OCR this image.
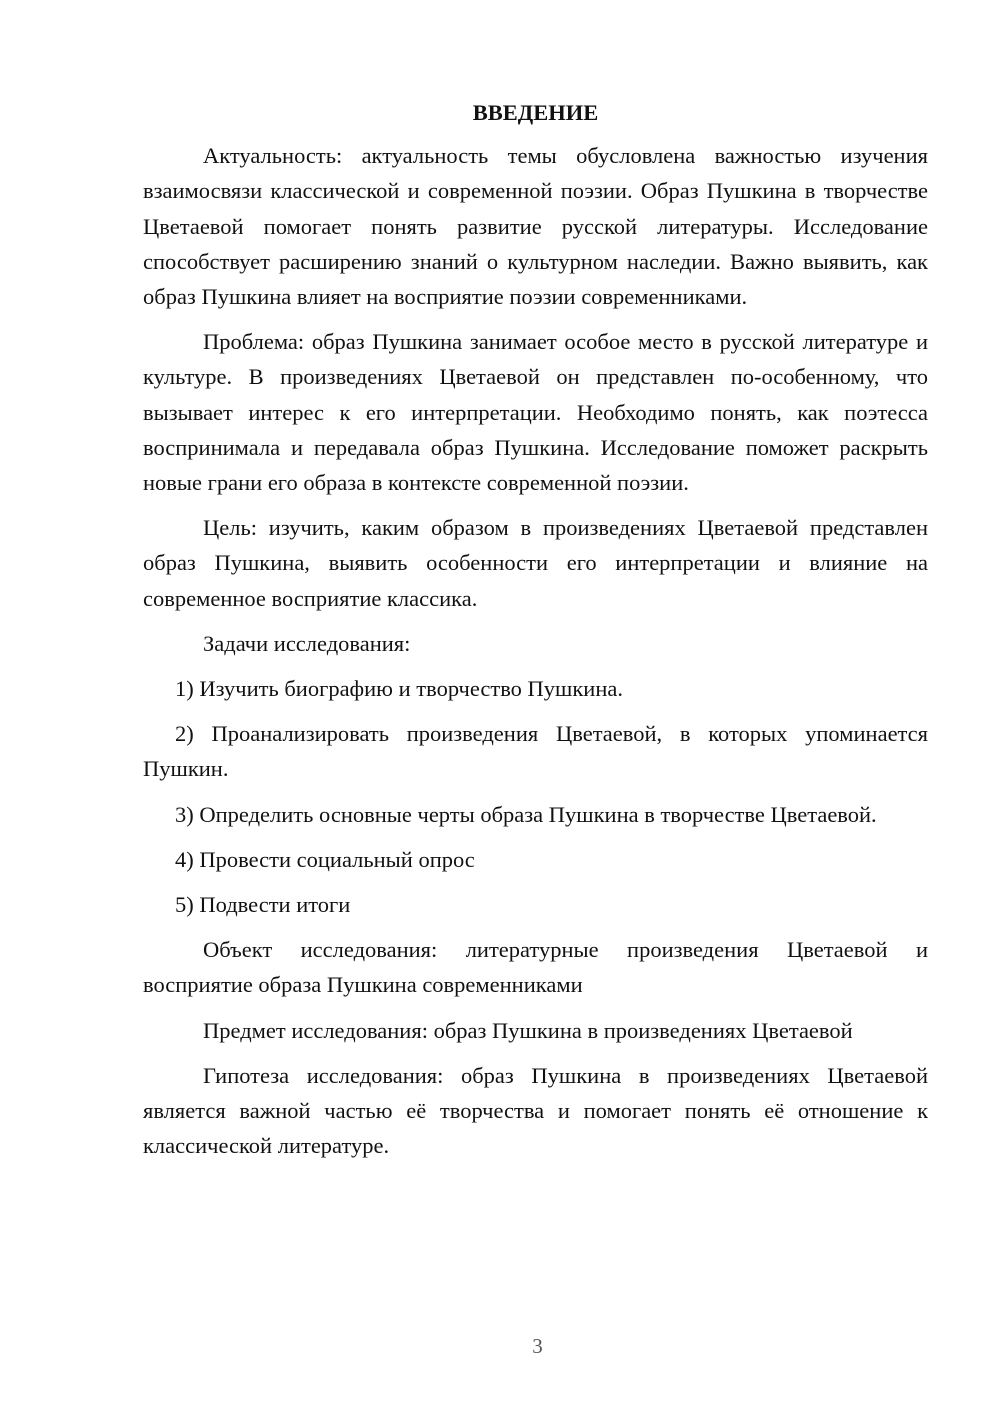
ВВЕДЕНИЕ

Актуальность: актуальность темы обусловлена важностью изучения взаимосвязи классической и современной поэзии. Образ Пушкина в творчестве Цветаевой помогает понять развитие русской литературы. Исследование способствует расширению знаний о культурном наследии. Важно выявить, как образ Пушкина влияет на восприятие поэзии современниками.

Проблема: образ Пушкина занимает особое место в русской литературе и культуре. В произведениях Цветаевой он представлен по-особенному, что вызывает интерес к его интерпретации. Необходимо понять, как поэтесса воспринимала и передавала образ Пушкина. Исследование поможет раскрыть новые грани его образа в контексте современной поэзии.

Цель: изучить, каким образом в произведениях Цветаевой представлен образ Пушкина, выявить особенности его интерпретации и влияние на современное восприятие классика.

Задачи исследования:

1) Изучить биографию и творчество Пушкина.

2) Проанализировать произведения Цветаевой, в которых упоминается Пушкин.

3) Определить основные черты образа Пушкина в творчестве Цветаевой.

4) Провести социальный опрос

5) Подвести итоги

Объект исследования: литературные произведения Цветаевой и восприятие образа Пушкина современниками

Предмет исследования: образ Пушкина в произведениях Цветаевой

Гипотеза исследования: образ Пушкина в произведениях Цветаевой является важной частью её творчества и помогает понять её отношение к классической литературе.

3
